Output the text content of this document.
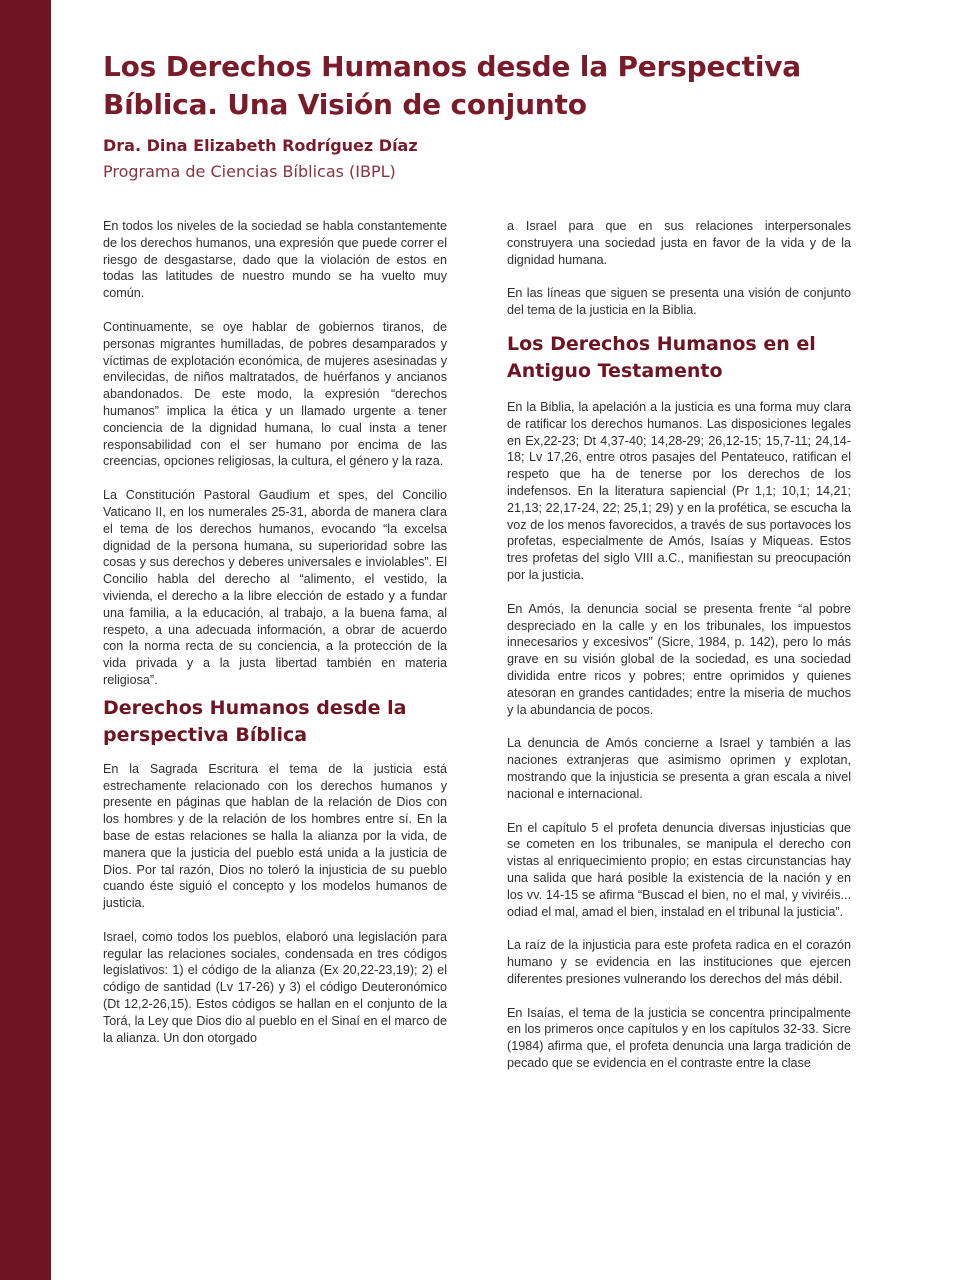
Los Derechos Humanos desde la Perspectiva Bíblica. Una Visión de conjunto

Dra. Dina Elizabeth Rodríguez Díaz

Programa de Ciencias Bíblicas (IBPL)

En todos los niveles de la sociedad se habla constantemente de los derechos humanos, una expresión que puede correr el riesgo de desgastarse, dado que la violación de estos en todas las latitudes de nuestro mundo se ha vuelto muy común.

Continuamente, se oye hablar de gobiernos tiranos, de personas migrantes humilladas, de pobres desamparados y víctimas de explotación económica, de mujeres asesinadas y envilecidas, de niños maltratados, de huérfanos y ancianos abandonados. De este modo, la expresión “derechos humanos” implica la ética y un llamado urgente a tener conciencia de la dignidad humana, lo cual insta a tener responsabilidad con el ser humano por encima de las creencias, opciones religiosas, la cultura, el género y la raza.

La Constitución Pastoral Gaudium et spes, del Concilio Vaticano II, en los numerales 25-31, aborda de manera clara el tema de los derechos humanos, evocando “la excelsa dignidad de la persona humana, su superioridad sobre las cosas y sus derechos y deberes universales e inviolables”. El Concilio habla del derecho al “alimento, el vestido, la vivienda, el derecho a la libre elección de estado y a fundar una familia, a la educación, al trabajo, a la buena fama, al respeto, a una adecuada información, a obrar de acuerdo con la norma recta de su conciencia, a la protección de la vida privada y a la justa libertad también en materia religiosa”.

Derechos Humanos desde la perspectiva Bíblica

En la Sagrada Escritura el tema de la justicia está estrechamente relacionado con los derechos humanos y presente en páginas que hablan de la relación de Dios con los hombres y de la relación de los hombres entre sí. En la base de estas relaciones se halla la alianza por la vida, de manera que la justicia del pueblo está unida a la justicia de Dios. Por tal razón, Dios no toleró la injusticia de su pueblo cuando éste siguió el concepto y los modelos humanos de justicia.

Israel, como todos los pueblos, elaboró una legislación para regular las relaciones sociales, condensada en tres códigos legislativos: 1) el código de la alianza (Ex 20,22-23,19); 2) el código de santidad (Lv 17-26) y 3) el código Deuteronómico (Dt 12,2-26,15). Estos códigos se hallan en el conjunto de la Torá, la Ley que Dios dio al pueblo en el Sinaí en el marco de la alianza. Un don otorgado

a Israel para que en sus relaciones interpersonales construyera una sociedad justa en favor de la vida y de la dignidad humana.

En las líneas que siguen se presenta una visión de conjunto del tema de la justicia en la Biblia.

Los Derechos Humanos en el Antiguo Testamento

En la Biblia, la apelación a la justicia es una forma muy clara de ratificar los derechos humanos. Las disposiciones legales en Ex,22-23; Dt 4,37-40; 14,28-29; 26,12-15; 15,7-11; 24,14-18; Lv 17,26, entre otros pasajes del Pentateuco, ratifican el respeto que ha de tenerse por los derechos de los indefensos. En la literatura sapiencial (Pr 1,1; 10,1; 14,21; 21,13; 22,17-24, 22; 25,1; 29) y en la profética, se escucha la voz de los menos favorecidos, a través de sus portavoces los profetas, especialmente de Amós, Isaías y Miqueas. Estos tres profetas del siglo VIII a.C., manifiestan su preocupación por la justicia.

En Amós, la denuncia social se presenta frente “al pobre despreciado en la calle y en los tribunales, los impuestos innecesarios y excesivos” (Sicre, 1984, p. 142), pero lo más grave en su visión global de la sociedad, es una sociedad dividida entre ricos y pobres; entre oprimidos y quienes atesoran en grandes cantidades; entre la miseria de muchos y la abundancia de pocos.

La denuncia de Amós concierne a Israel y también a las naciones extranjeras que asimismo oprimen y explotan, mostrando que la injusticia se presenta a gran escala a nivel nacional e internacional.

En el capítulo 5 el profeta denuncia diversas injusticias que se cometen en los tribunales, se manipula el derecho con vistas al enriquecimiento propio; en estas circunstancias hay una salida que hará posible la existencia de la nación y en los vv. 14-15 se afirma “Buscad el bien, no el mal, y viviréis... odiad el mal, amad el bien, instalad en el tribunal la justicia”.

La raíz de la injusticia para este profeta radica en el corazón humano y se evidencia en las instituciones que ejercen diferentes presiones vulnerando los derechos del más débil.

En Isaías, el tema de la justicia se concentra principalmente en los primeros once capítulos y en los capítulos 32-33. Sicre (1984) afirma que, el profeta denuncia una larga tradición de pecado que se evidencia en el contraste entre la clase
